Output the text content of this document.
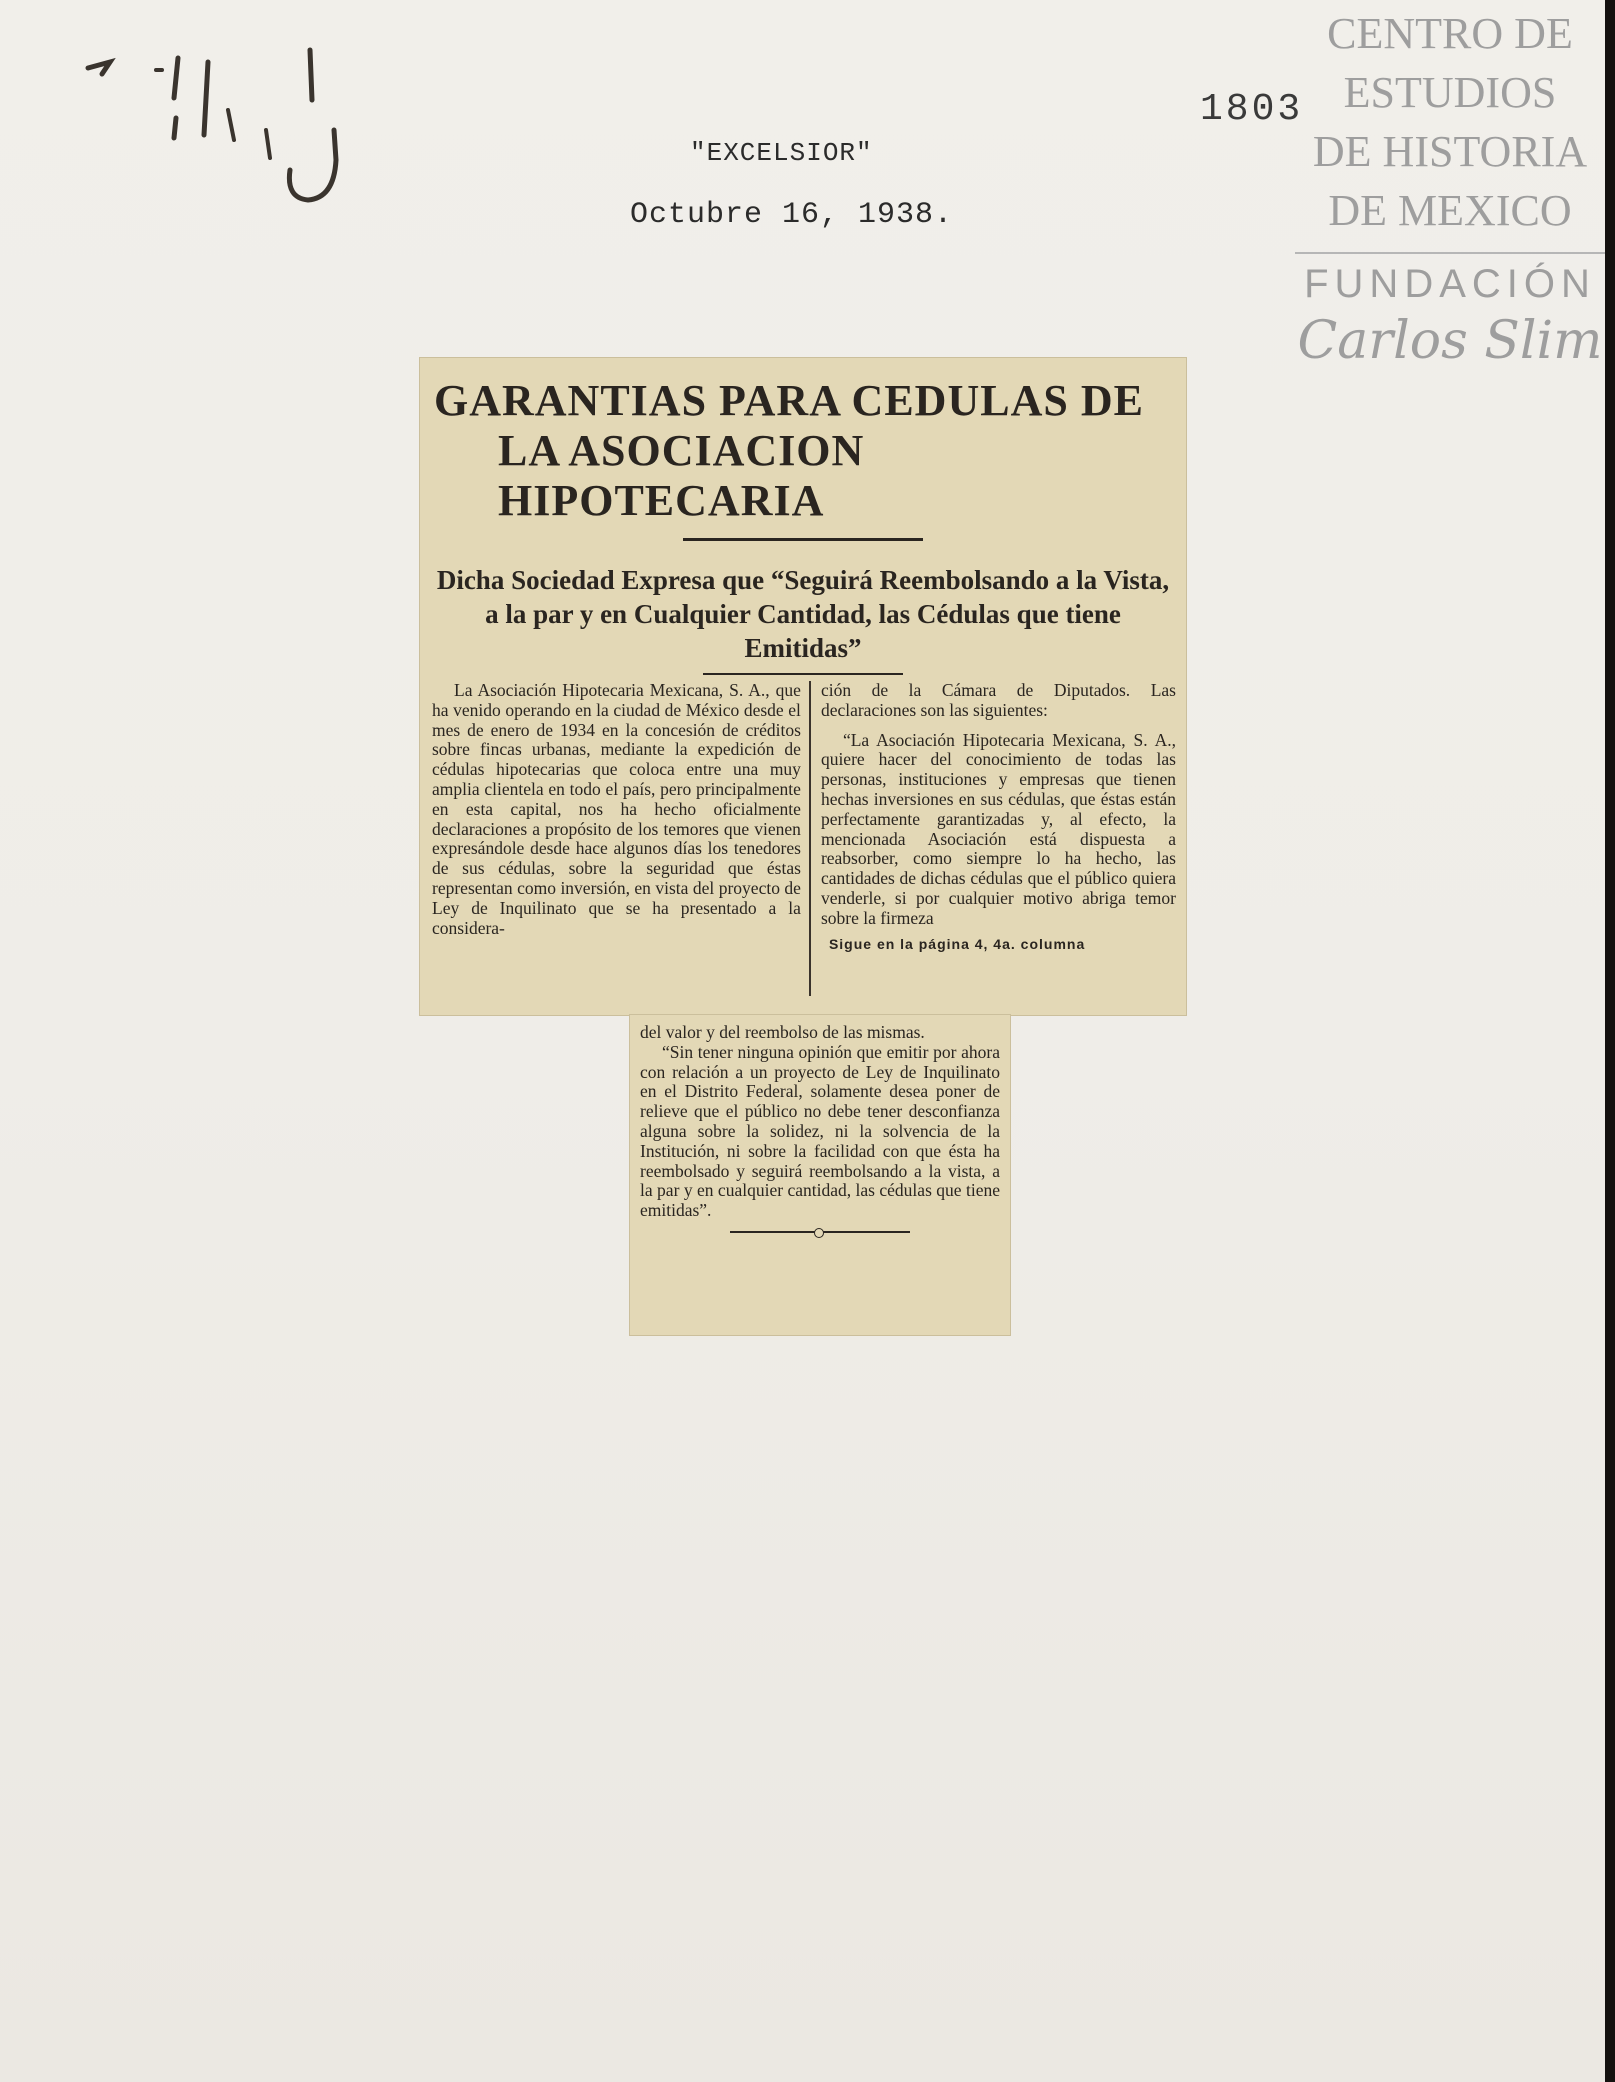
"EXCELSIOR"
Octubre 16, 1938.
1803
CENTRO DE
ESTUDIOS
DE HISTORIA
DE MEXICO
FUNDACIÓN
Carlos Slim
GARANTIAS PARA CEDULAS DE
LA ASOCIACION HIPOTECARIA
Dicha Sociedad Expresa que “Seguirá Reembolsando a la Vista, a la par y en Cualquier Cantidad, las Cédulas que tiene Emitidas”

La Asociación Hipotecaria Mexicana, S. A., que ha venido operando en la ciudad de México desde el mes de enero de 1934 en la concesión de créditos sobre fincas urbanas, mediante la expedición de cédulas hipotecarias que coloca entre una muy amplia clientela en todo el país, pero principalmente en esta capital, nos ha hecho oficialmente declaraciones a propósito de los temores que vienen expresándole desde hace algunos días los tenedores de sus cédulas, sobre la seguridad que éstas representan como inversión, en vista del proyecto de Ley de Inquilinato que se ha presentado a la considera-

ción de la Cámara de Diputados. Las declaraciones son las siguientes:

“La Asociación Hipotecaria Mexicana, S. A., quiere hacer del conocimiento de todas las personas, instituciones y empresas que tienen hechas inversiones en sus cédulas, que éstas están perfectamente garantizadas y, al efecto, la mencionada Asociación está dispuesta a reabsorber, como siempre lo ha hecho, las cantidades de dichas cédulas que el público quiera venderle, si por cualquier motivo abriga temor sobre la firmeza

Sigue en la página 4, 4a. columna

del valor y del reembolso de las mismas.

“Sin tener ninguna opinión que emitir por ahora con relación a un proyecto de Ley de Inquilinato en el Distrito Federal, solamente desea poner de relieve que el público no debe tener desconfianza alguna sobre la solidez, ni la solvencia de la Institución, ni sobre la facilidad con que ésta ha reembolsado y seguirá reembolsando a la vista, a la par y en cualquier cantidad, las cédulas que tiene emitidas”.
